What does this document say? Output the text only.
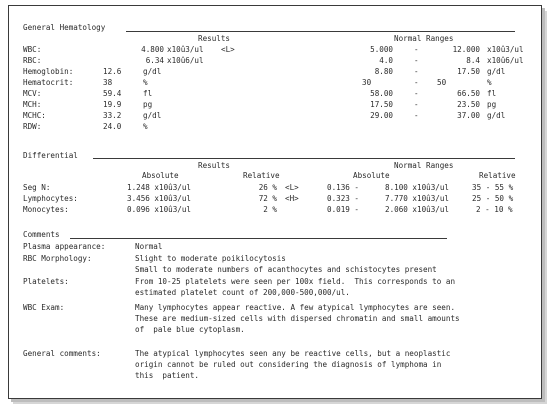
General Hematology
Results	Normal Ranges
WBC:	4.800 x10û3/ul <L>	5.000	-	12.000 x10û3/ul
RBC:	6.34 x10û6/ul	4.0	-	8.4 x10û6/ul
Hemoglobin:	12.6	g/dl	8.80	-	17.50 g/dl
Hematocrit:	38	%	30	- 50	%
MCV:	59.4	fl	58.00	-	66.50 fl
MCH:	19.9	pg	17.50	-	23.50 pg
MCHC:	33.2	g/dl	29.00	-	37.00 g/dl
RDW:	24.0	%
Differential
Results	Normal Ranges
Absolute	Relative	Absolute	Relative
Seg N:	1.248 x10û3/ul	26 % <L>	0.136 -	8.100 x10û3/ul	35 - 55 %
Lymphocytes:	3.456 x10û3/ul	72 % <H>	0.323 -	7.770 x10û3/ul	25 - 50 %
Monocytes:	0.096 x10û3/ul	2 %	0.019 -	2.060 x10û3/ul	2 - 10 %
Comments
Plasma appearance:	Normal
RBC Morphology:	Slight to moderate poikilocytosis
Small to moderate numbers of acanthocytes and schistocytes present
Platelets:	From 10-25 platelets were seen per 100x field.  This corresponds to an
estimated platelet count of 200,000-500,000/ul.
WBC Exam:	Many lymphocytes appear reactive. A few atypical lymphocytes are seen.
These are medium-sized cells with dispersed chromatin and small amounts
of  pale blue cytoplasm.
General comments:	The atypical lymphocytes seen any be reactive cells, but a neoplastic
origin cannot be ruled out considering the diagnosis of lymphoma in
this  patient.
